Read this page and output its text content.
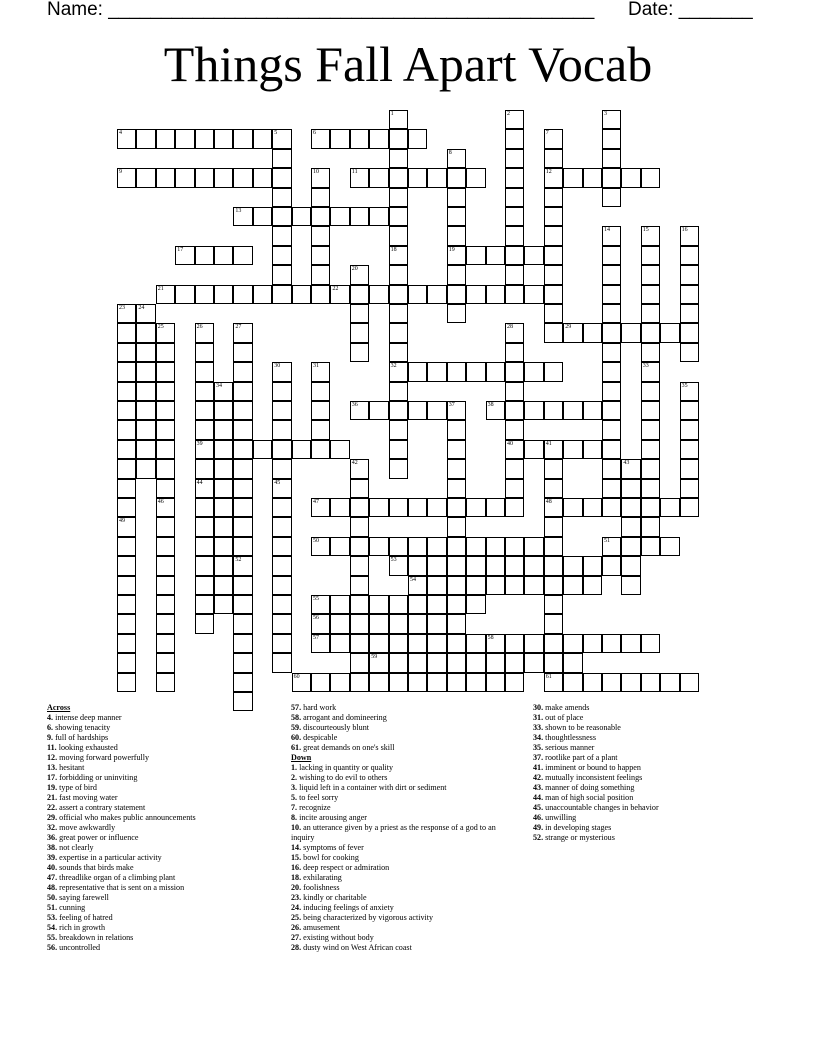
Name: ______________________________________________ Date: _______
Things Fall Apart Vocab
1
18
2	3
4	5	6	7
12
8
19
9	10	11
13
14	15
33
16
17
32
20
21	22
23
49
24
25
46
26
39
44
27
52
28
40
29
30
45
31
34	35
36	37	38
41
48
61
42	43
47
50	51
53
54
55
56
57	58
59
60
Across
4. intense deep manner
6. showing tenacity
9. full of hardships
11. looking exhausted
12. moving forward powerfully
13. hesitant
17. forbidding or uninviting
19. type of bird
21. fast moving water
22. assert a contrary statement
29. official who makes public announcements
32. move awkwardly
36. great power or influence
38. not clearly
39. expertise in a particular activity
40. sounds that birds make
47. threadlike organ of a climbing plant
48. representative that is sent on a mission
50. saying farewell
51. cunning
53. feeling of hatred
54. rich in growth
55. breakdown in relations
56. uncontrolled
57. hard work
58. arrogant and domineering
59. discourteously blunt
60. despicable
61. great demands on one's skill
Down
1. lacking in quantity or quality
2. wishing to do evil to others
3. liquid left in a container with dirt or sediment
5. to feel sorry
7. recognize
8. incite arousing anger
10. an utterance given by a priest as the response of a god to an inquiry
14. symptoms of fever
15. bowl for cooking
16. deep respect or admiration
18. exhilarating
20. foolishness
23. kindly or charitable
24. inducing feelings of anxiety
25. being characterized by vigorous activity
26. amusement
27. existing without body
28. dusty wind on West African coast
30. make amends
31. out of place
33. shown to be reasonable
34. thoughtlessness
35. serious manner
37. rootlike part of a plant
41. imminent or bound to happen
42. mutually inconsistent feelings
43. manner of doing something
44. man of high social position
45. unaccountable changes in behavior
46. unwilling
49. in developing stages
52. strange or mysterious
